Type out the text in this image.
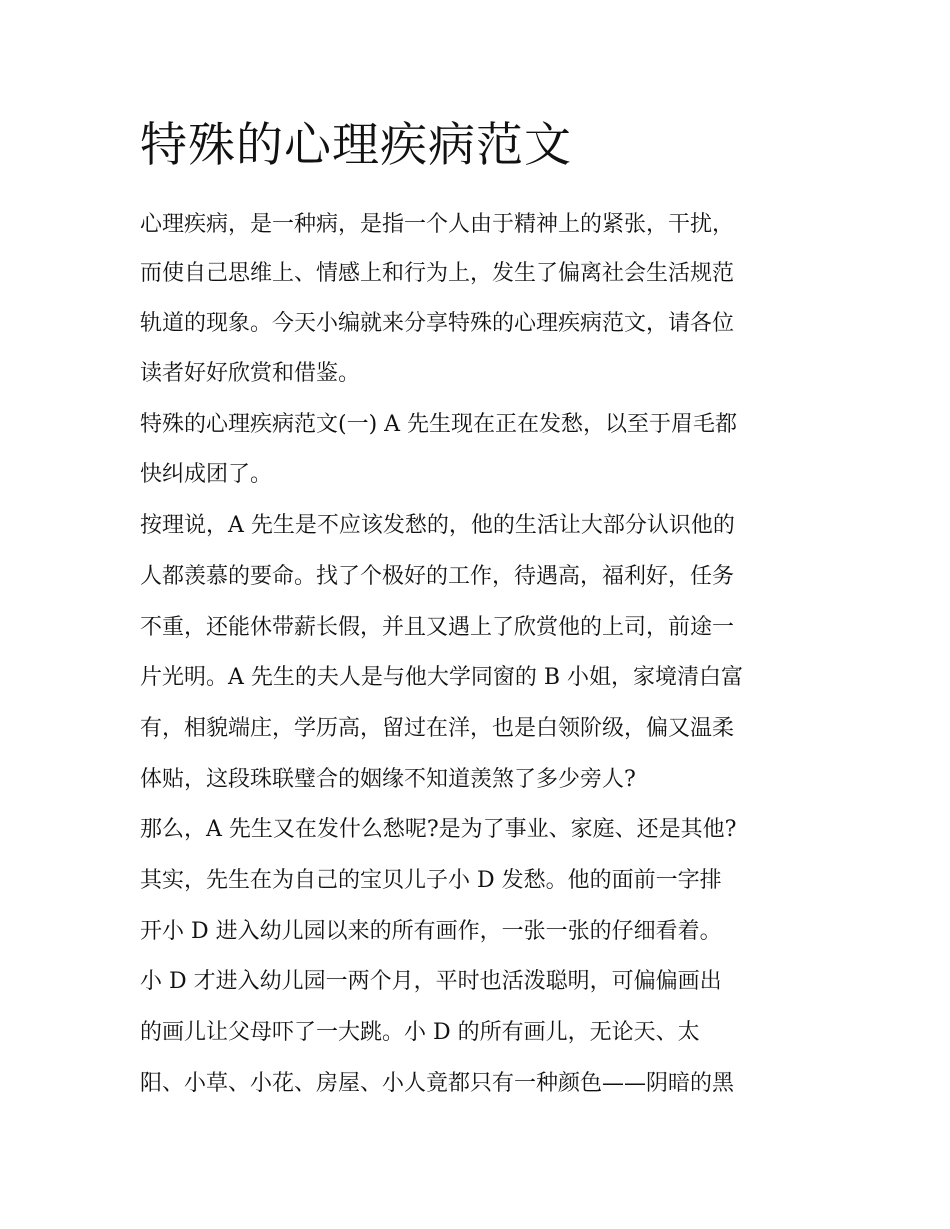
特殊的心理疾病范文

心理疾病，是一种病，是指一个人由于精神上的紧张，干扰，

而使自己思维上、情感上和行为上，发生了偏离社会生活规范

轨道的现象。今天小编就来分享特殊的心理疾病范文，请各位

读者好好欣赏和借鉴。

特殊的心理疾病范文(一) A 先生现在正在发愁，以至于眉毛都

快纠成团了。

按理说，A 先生是不应该发愁的，他的生活让大部分认识他的

人都羡慕的要命。找了个极好的工作，待遇高，福利好，任务

不重，还能休带薪长假，并且又遇上了欣赏他的上司，前途一

片光明。A 先生的夫人是与他大学同窗的 B 小姐，家境清白富

有，相貌端庄，学历高，留过在洋，也是白领阶级，偏又温柔

体贴，这段珠联璧合的姻缘不知道羡煞了多少旁人?

那么，A 先生又在发什么愁呢?是为了事业、家庭、还是其他?

其实，先生在为自己的宝贝儿子小 D 发愁。他的面前一字排

开小 D 进入幼儿园以来的所有画作，一张一张的仔细看着。

小 D 才进入幼儿园一两个月，平时也活泼聪明，可偏偏画出

的画儿让父母吓了一大跳。小 D 的所有画儿，无论天、太

阳、小草、小花、房屋、小人竟都只有一种颜色——阴暗的黑
